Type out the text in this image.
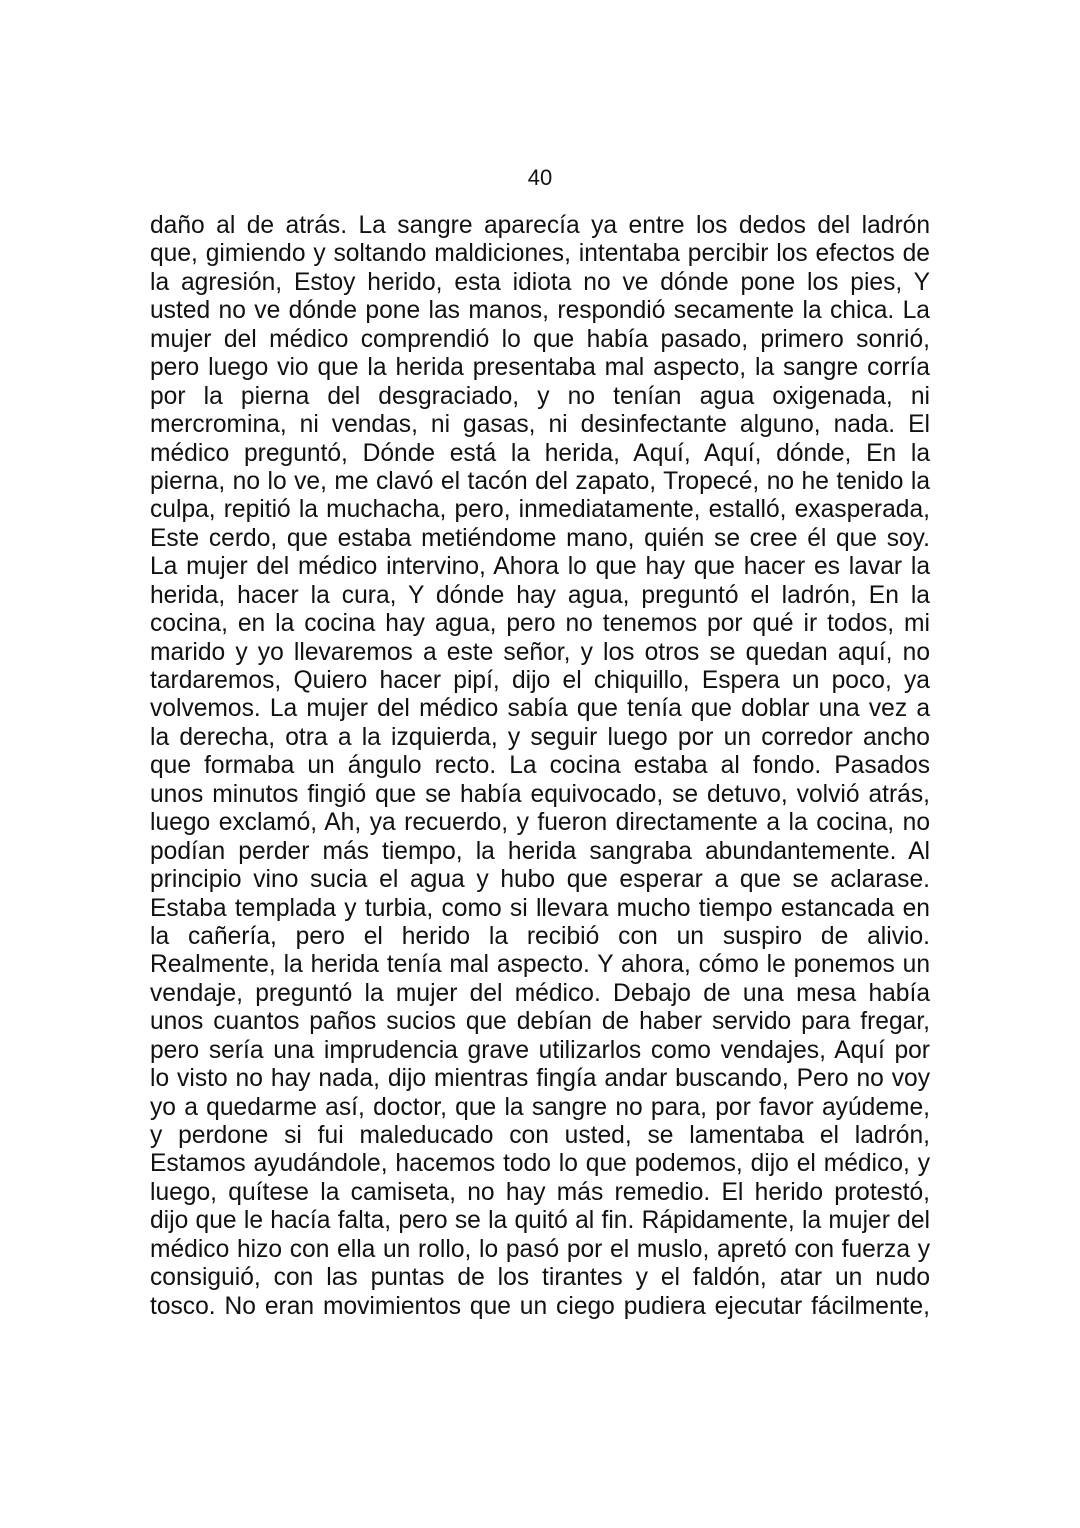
40
daño al de atrás. La sangre aparecía ya entre los dedos del ladrón
que, gimiendo y soltando maldiciones, intentaba percibir los efectos de
la agresión, Estoy herido, esta idiota no ve dónde pone los pies, Y
usted no ve dónde pone las manos, respondió secamente la chica. La
mujer del médico comprendió lo que había pasado, primero sonrió,
pero luego vio que la herida presentaba mal aspecto, la sangre corría
por la pierna del desgraciado, y no tenían agua oxigenada, ni
mercromina, ni vendas, ni gasas, ni desinfectante alguno, nada. El
médico preguntó, Dónde está la herida, Aquí, Aquí, dónde, En la
pierna, no lo ve, me clavó el tacón del zapato, Tropecé, no he tenido la
culpa, repitió la muchacha, pero, inmediatamente, estalló, exasperada,
Este cerdo, que estaba metiéndome mano, quién se cree él que soy.
La mujer del médico intervino, Ahora lo que hay que hacer es lavar la
herida, hacer la cura, Y dónde hay agua, preguntó el ladrón, En la
cocina, en la cocina hay agua, pero no tenemos por qué ir todos, mi
marido y yo llevaremos a este señor, y los otros se quedan aquí, no
tardaremos, Quiero hacer pipí, dijo el chiquillo, Espera un poco, ya
volvemos. La mujer del médico sabía que tenía que doblar una vez a
la derecha, otra a la izquierda, y seguir luego por un corredor ancho
que formaba un ángulo recto. La cocina estaba al fondo. Pasados
unos minutos fingió que se había equivocado, se detuvo, volvió atrás,
luego exclamó, Ah, ya recuerdo, y fueron directamente a la cocina, no
podían perder más tiempo, la herida sangraba abundantemente. Al
principio vino sucia el agua y hubo que esperar a que se aclarase.
Estaba templada y turbia, como si llevara mucho tiempo estancada en
la cañería, pero el herido la recibió con un suspiro de alivio.
Realmente, la herida tenía mal aspecto. Y ahora, cómo le ponemos un
vendaje, preguntó la mujer del médico. Debajo de una mesa había
unos cuantos paños sucios que debían de haber servido para fregar,
pero sería una imprudencia grave utilizarlos como vendajes, Aquí por
lo visto no hay nada, dijo mientras fingía andar buscando, Pero no voy
yo a quedarme así, doctor, que la sangre no para, por favor ayúdeme,
y perdone si fui maleducado con usted, se lamentaba el ladrón,
Estamos ayudándole, hacemos todo lo que podemos, dijo el médico, y
luego, quítese la camiseta, no hay más remedio. El herido protestó,
dijo que le hacía falta, pero se la quitó al fin. Rápidamente, la mujer del
médico hizo con ella un rollo, lo pasó por el muslo, apretó con fuerza y
consiguió, con las puntas de los tirantes y el faldón, atar un nudo
tosco. No eran movimientos que un ciego pudiera ejecutar fácilmente,
